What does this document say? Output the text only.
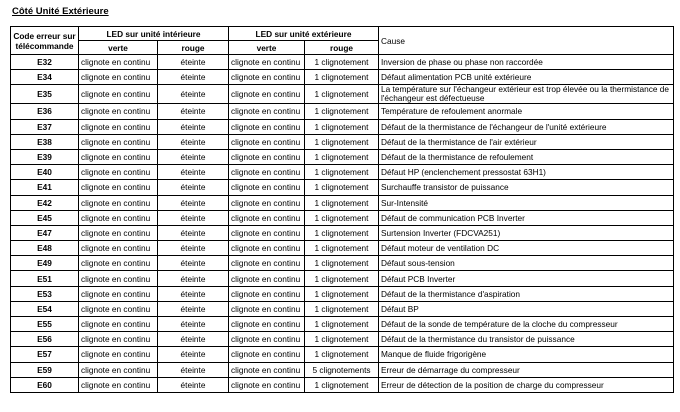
Côté Unité Extérieure
Code erreur sur télécommande	LED sur unité intérieure		LED sur unité extérieure		Cause
	verte	rouge	verte	rouge	
E32	clignote en continu	éteinte	clignote en continu	1 clignotement	Inversion de phase ou phase non raccordée
E34	clignote en continu	éteinte	clignote en continu	1 clignotement	Défaut alimentation PCB unité extérieure
E35	clignote en continu	éteinte	clignote en continu	1 clignotement	La température sur l'échangeur extérieur est trop élevée ou la thermistance de l'échangeur est défectueuse
E36	clignote en continu	éteinte	clignote en continu	1 clignotement	Température de refoulement anormale
E37	clignote en continu	éteinte	clignote en continu	1 clignotement	Défaut de la thermistance de l'échangeur de l'unité extérieure
E38	clignote en continu	éteinte	clignote en continu	1 clignotement	Défaut de la thermistance de l'air extérieur
E39	clignote en continu	éteinte	clignote en continu	1 clignotement	Défaut de la thermistance de refoulement
E40	clignote en continu	éteinte	clignote en continu	1 clignotement	Défaut HP (enclenchement pressostat 63H1)
E41	clignote en continu	éteinte	clignote en continu	1 clignotement	Surchauffe transistor de puissance
E42	clignote en continu	éteinte	clignote en continu	1 clignotement	Sur-Intensité
E45	clignote en continu	éteinte	clignote en continu	1 clignotement	Défaut de communication PCB Inverter
E47	clignote en continu	éteinte	clignote en continu	1 clignotement	Surtension Inverter (FDCVA251)
E48	clignote en continu	éteinte	clignote en continu	1 clignotement	Défaut moteur de ventilation DC
E49	clignote en continu	éteinte	clignote en continu	1 clignotement	Défaut sous-tension
E51	clignote en continu	éteinte	clignote en continu	1 clignotement	Défaut PCB Inverter
E53	clignote en continu	éteinte	clignote en continu	1 clignotement	Défaut de la thermistance d'aspiration
E54	clignote en continu	éteinte	clignote en continu	1 clignotement	Défaut BP
E55	clignote en continu	éteinte	clignote en continu	1 clignotement	Défaut de la sonde de température de la cloche du compresseur
E56	clignote en continu	éteinte	clignote en continu	1 clignotement	Défaut de la thermistance du transistor de puissance
E57	clignote en continu	éteinte	clignote en continu	1 clignotement	Manque de fluide frigorigène
E59	clignote en continu	éteinte	clignote en continu	5 clignotements	Erreur de démarrage du compresseur
E60	clignote en continu	éteinte	clignote en continu	1 clignotement	Erreur de détection de la position de charge du compresseur
